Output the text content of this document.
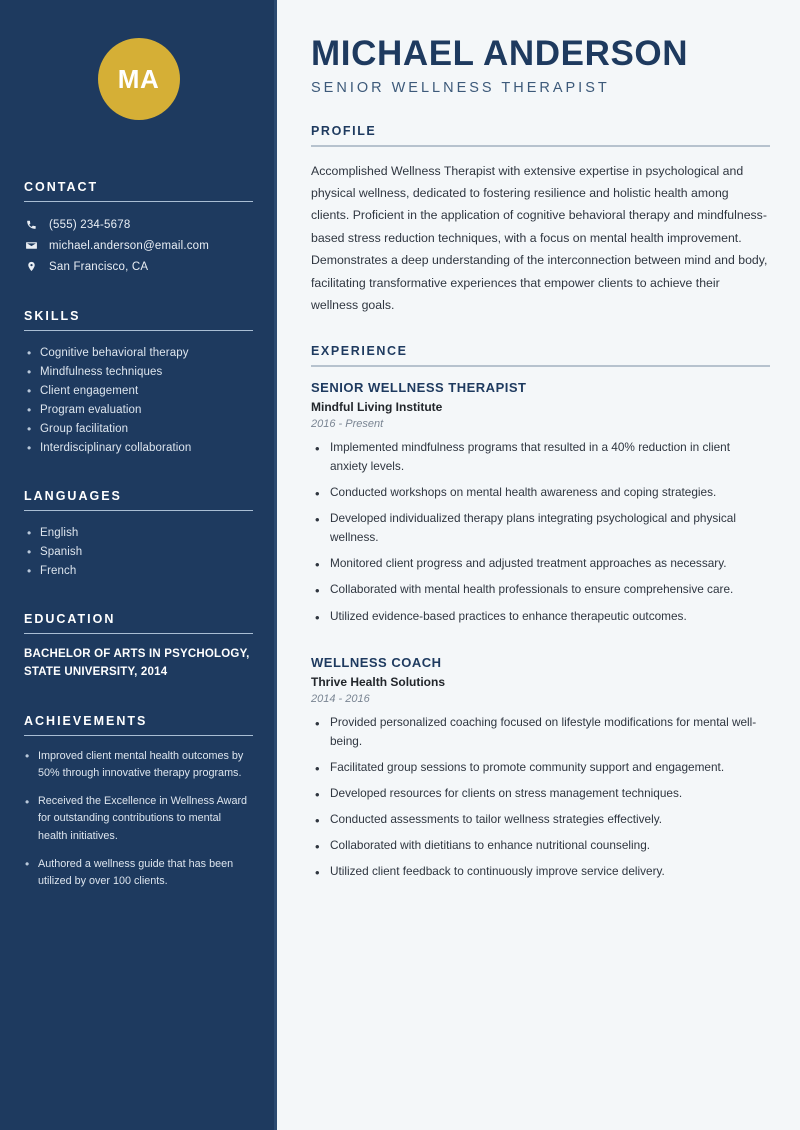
MA
CONTACT
(555) 234-5678
michael.anderson@email.com
San Francisco, CA
SKILLS
• Cognitive behavioral therapy
• Mindfulness techniques
• Client engagement
• Program evaluation
• Group facilitation
• Interdisciplinary collaboration
LANGUAGES
• English
• Spanish
• French
EDUCATION
BACHELOR OF ARTS IN PSYCHOLOGY, STATE UNIVERSITY, 2014
ACHIEVEMENTS
• Improved client mental health outcomes by 50% through innovative therapy programs.
• Received the Excellence in Wellness Award for outstanding contributions to mental health initiatives.
• Authored a wellness guide that has been utilized by over 100 clients.
MICHAEL ANDERSON
SENIOR WELLNESS THERAPIST
PROFILE

Accomplished Wellness Therapist with extensive expertise in psychological and physical wellness, dedicated to fostering resilience and holistic health among clients. Proficient in the application of cognitive behavioral therapy and mindfulness-based stress reduction techniques, with a focus on mental health improvement. Demonstrates a deep understanding of the interconnection between mind and body, facilitating transformative experiences that empower clients to achieve their wellness goals.

EXPERIENCE
SENIOR WELLNESS THERAPIST
Mindful Living Institute
2016 - Present
• Implemented mindfulness programs that resulted in a 40% reduction in client anxiety levels.
• Conducted workshops on mental health awareness and coping strategies.
• Developed individualized therapy plans integrating psychological and physical wellness.
• Monitored client progress and adjusted treatment approaches as necessary.
• Collaborated with mental health professionals to ensure comprehensive care.
• Utilized evidence-based practices to enhance therapeutic outcomes.
WELLNESS COACH
Thrive Health Solutions
2014 - 2016
• Provided personalized coaching focused on lifestyle modifications for mental well-being.
• Facilitated group sessions to promote community support and engagement.
• Developed resources for clients on stress management techniques.
• Conducted assessments to tailor wellness strategies effectively.
• Collaborated with dietitians to enhance nutritional counseling.
• Utilized client feedback to continuously improve service delivery.
